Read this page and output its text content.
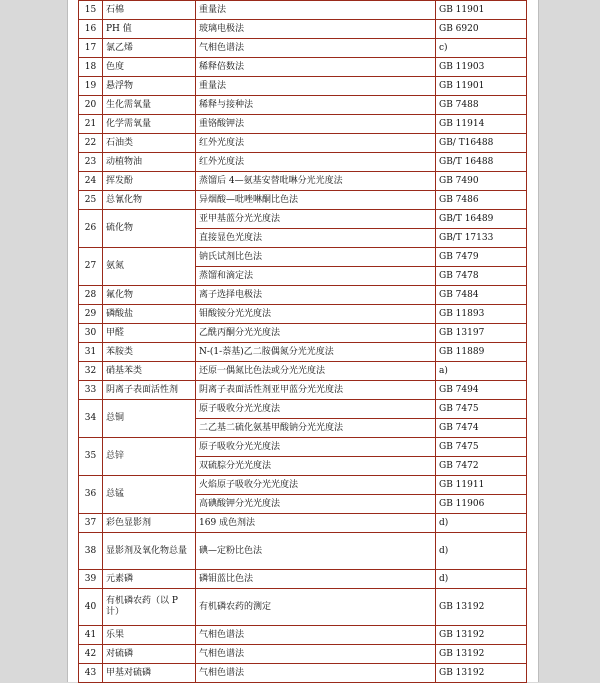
15	石棉	重量法	GB 11901
16	PH 值	玻璃电极法	GB 6920
17	氯乙烯	气相色谱法	c)
18	色度	稀释倍数法	GB 11903
19	悬浮物	重量法	GB 11901
20	生化需氧量	稀释与接种法	GB 7488
21	化学需氧量	重铬酸钾法	GB 11914
22	石油类	红外光度法	GB/ T16488
23	动植物油	红外光度法	GB/T 16488
24	挥发酚	蒸馏后 4—氨基安替吡啉分光光度法	GB 7490
25	总氰化物	异烟酸—吡唑啉酮比色法	GB 7486
26	硫化物	亚甲基蓝分光光度法	GB/T 16489
		直接显色光度法	GB/T 17133
27	氨氮	钠氏试剂比色法	GB 7479
		蒸馏和滴定法	GB 7478
28	氟化物	离子选择电极法	GB 7484
29	磷酸盐	钼酸铵分光光度法	GB 11893
30	甲醛	乙酰丙酮分光光度法	GB 13197
31	苯胺类	N-(1-萘基)乙二胺偶氮分光光度法	GB 11889
32	硝基苯类	还原一偶氮比色法或分光光度法	a)
33	阴离子表面活性剂	阴离子表面活性剂亚甲蓝分光光度法	GB 7494
34	总铜	原子吸收分光光度法	GB 7475
		二乙基二硫化氨基甲酸钠分光光度法	GB 7474
35	总锌	原子吸收分光光度法	GB 7475
		双硫腙分光光度法	GB 7472
36	总锰	火焰原子吸收分光光度法	GB 11911
		高碘酸钾分光光度法	GB 11906
37	彩色显影剂	169 成色剂法	d)
38	显影剂及氧化物总量	碘—定粉比色法	d)
39	元素磷	磷钼蓝比色法	d)
40	有机磷农药（以 P 计）	有机磷农药的测定	GB 13192
41	乐果	气相色谱法	GB 13192
42	对硫磷	气相色谱法	GB 13192
43	甲基对硫磷	气相色谱法	GB 13192
